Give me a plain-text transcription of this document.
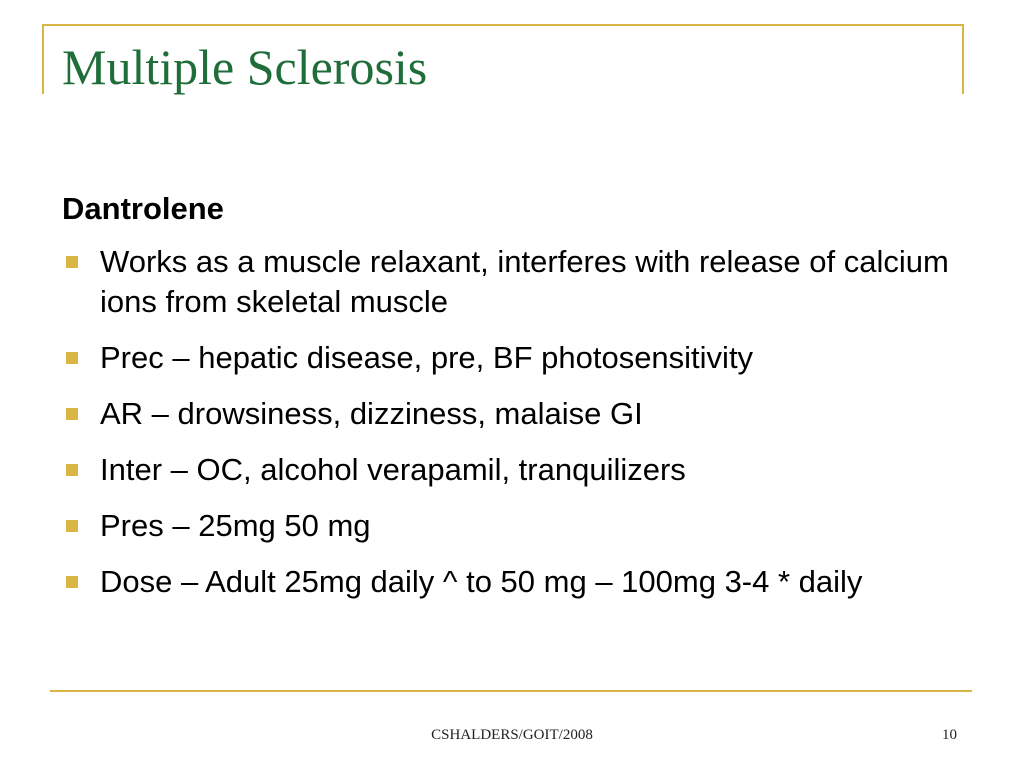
Multiple Sclerosis
Dantrolene
Works as a muscle relaxant, interferes with release of calcium ions from skeletal muscle
Prec – hepatic disease, pre, BF photosensitivity
AR – drowsiness, dizziness, malaise GI
Inter – OC, alcohol verapamil, tranquilizers
Pres – 25mg 50 mg
Dose – Adult 25mg daily ^ to 50 mg – 100mg 3-4 * daily
CSHALDERS/GOIT/2008	10
